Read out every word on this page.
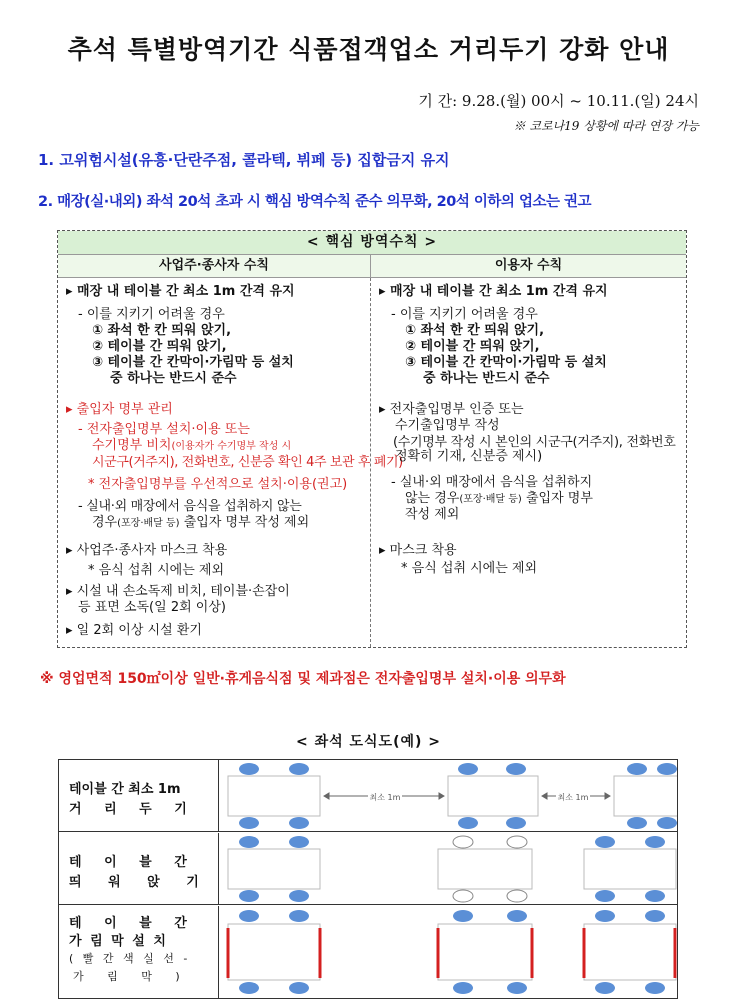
추석 특별방역기간 식품접객업소 거리두기 강화 안내
기 간: 9.28.(월) 00시 ~ 10.11.(일) 24시
※ 코로나19 상황에 따라 연장 가능
1. 고위험시설(유흥·단란주점, 콜라텍, 뷔페 등) 집합금지 유지
2. 매장(실·내외) 좌석 20석 초과 시 핵심 방역수칙 준수 의무화, 20석 이하의 업소는 권고
< 핵심 방역수칙 >
사업주·종사자 수칙	이용자 수칙
▸ 매장 내 테이블 간 최소 1m 간격 유지
- 이를 지키기 어려울 경우
① 좌석 한 칸 띄워 앉기,
② 테이블 간 띄워 앉기,
③ 테이블 간 칸막이·가림막 등 설치
중 하나는 반드시 준수
▸ 출입자 명부 관리
- 전자출입명부 설치·이용 또는
수기명부 비치(이용자가 수기명부 작성 시
시군구(거주지), 전화번호, 신분증 확인 4주 보관 후 폐기)
* 전자출입명부를 우선적으로 설치·이용(권고)
- 실내·외 매장에서 음식을 섭취하지 않는
경우(포장·배달 등) 출입자 명부 작성 제외
▸ 사업주·종사자 마스크 착용
* 음식 섭취 시에는 제외
▸ 시설 내 손소독제 비치, 테이블·손잡이
등 표면 소독(일 2회 이상)
▸ 일 2회 이상 시설 환기
▸ 매장 내 테이블 간 최소 1m 간격 유지
- 이를 지키기 어려울 경우
① 좌석 한 칸 띄워 앉기,
② 테이블 간 띄워 앉기,
③ 테이블 간 칸막이·가림막 등 설치
중 하나는 반드시 준수
▸ 전자출입명부 인증 또는
수기출입명부 작성
(수기명부 작성 시 본인의 시군구(거주지), 전화번호
정확히 기재, 신분증 제시)
- 실내·외 매장에서 음식을 섭취하지
않는 경우(포장·배달 등) 출입자 명부
작성 제외
▸ 마스크 착용
* 음식 섭취 시에는 제외
※ 영업면적 150㎡이상 일반·휴게음식점 및 제과점은 전자출입명부 설치·이용 의무화
< 좌석 도식도(예) >
테이블 간 최소 1m
거 리 두 기
최소 1m	최소 1m
테 이 블 간
띄 워 앉 기
테 이 블 간
가 림 막 설 치
( 빨 간 색 실 선 -
가 림 막 )
